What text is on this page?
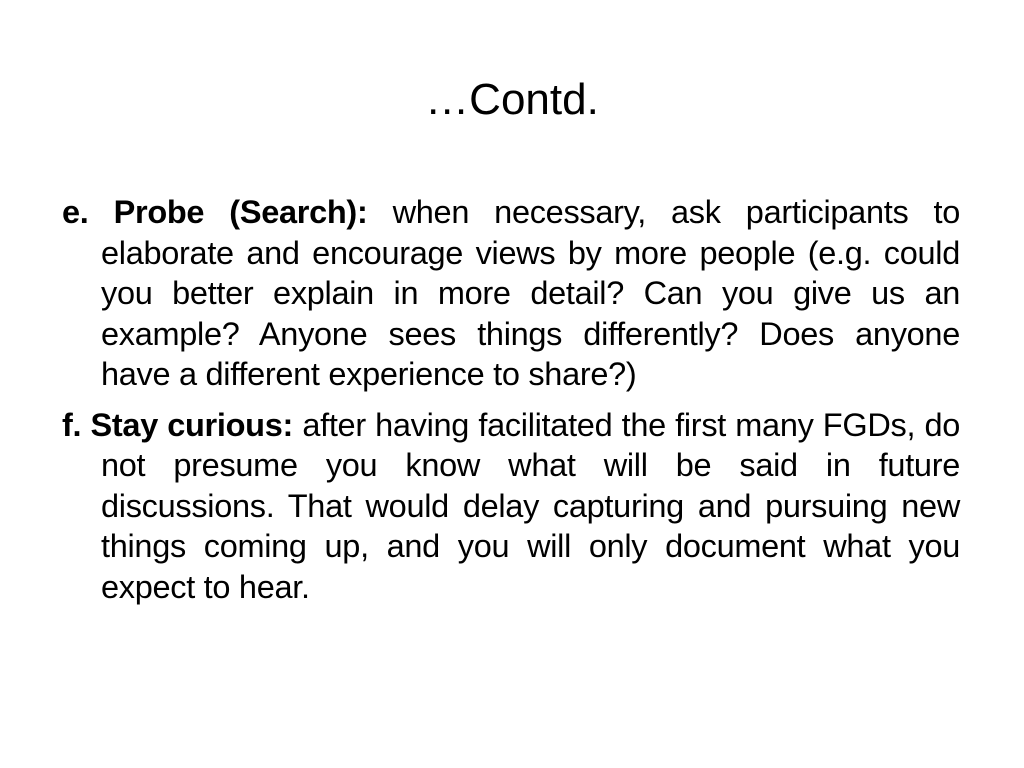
…Contd.

e. Probe (Search): when necessary, ask participants to elaborate and encourage views by more people (e.g. could you better explain in more detail? Can you give us an example? Anyone sees things differently? Does anyone have a different experience to share?)

f. Stay curious: after having facilitated the first many FGDs, do not presume you know what will be said in future discussions. That would delay capturing and pursuing new things coming up, and you will only document what you expect to hear.
